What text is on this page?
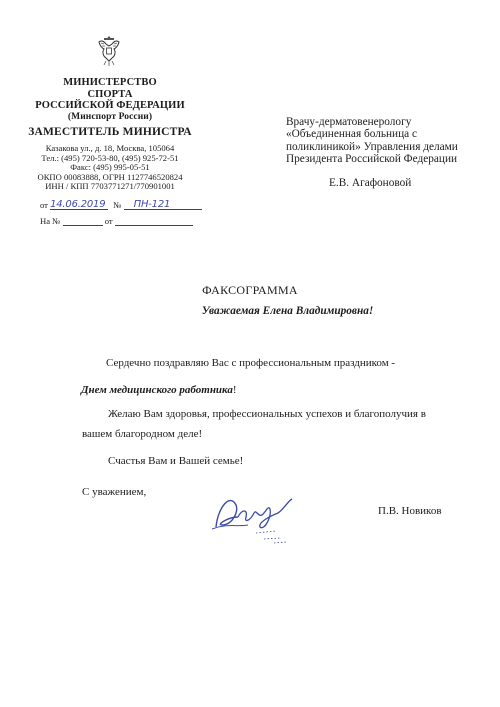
МИНИСТЕРСТВО
СПОРТА
РОССИЙСКОЙ ФЕДЕРАЦИИ
(Минспорт России)
ЗАМЕСТИТЕЛЬ МИНИСТРА
Казакова ул., д. 18, Москва, 105064
Тел.: (495) 720-53-80, (495) 925-72-51
Факс: (495) 995-05-51
ОКПО 00083888, ОГРН 1127746520824
ИНН / КПП 7703771271/770901001
от 14.06.2019 № ПН-121
На №	от
Врачу-дерматовенерологу
«Объединенная больница с
поликлиникой» Управления делами
Президента Российской Федерации
Е.В. Агафоновой
ФАКСОГРАММА
Уважаемая Елена Владимировна!
Сердечно поздравляю Вас с профессиональным праздником -
Днем медицинского работника!
Желаю Вам здоровья, профессиональных успехов и благополучия в
вашем благородном деле!
Счастья Вам и Вашей семье!
С уважением,
П.В. Новиков
